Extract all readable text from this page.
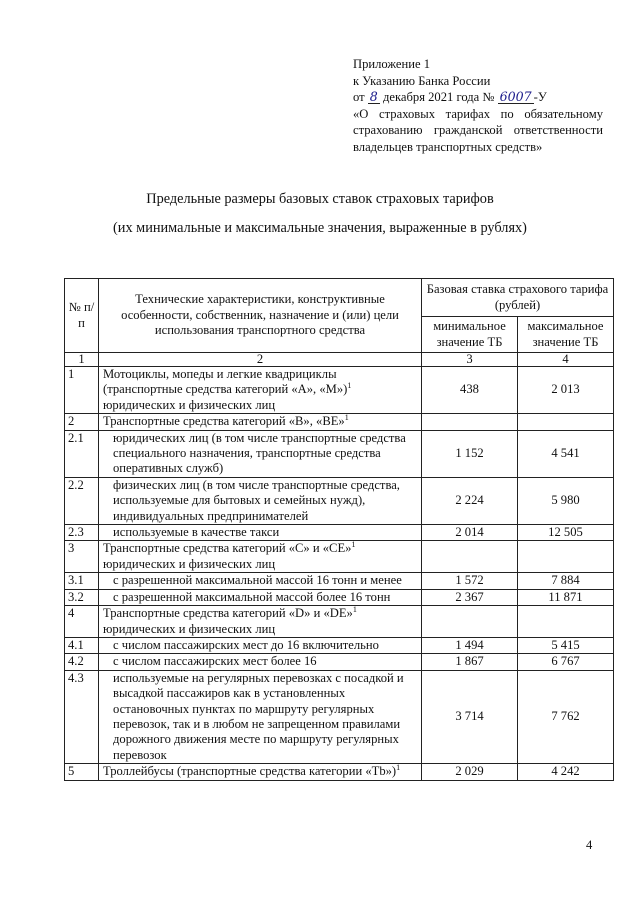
Приложение 1
к Указанию Банка России
от 8 декабря 2021 года № 6007 -У
«О страховых тарифах по обязательному
страхованию гражданской ответственности
владельцев транспортных средств»
Предельные размеры базовых ставок страховых тарифов
(их минимальные и максимальные значения, выраженные в рублях)
№ п/п	Технические характеристики, конструктивные особенности, собственник, назначение и (или) цели использования транспортного средства	Базовая ставка страхового тарифа (рублей)	
		минимальное значение ТБ	максимальное значение ТБ
1	2	3	4
1	Мотоциклы, мопеды и легкие квадрициклы (транспортные средства категорий «A», «M»)$^1$ юридических и физических лиц	438	2 013
2	Транспортные средства категорий «B», «BE»$^1$		
2.1	юридических лиц (в том числе транспортные средства специального назначения, транспортные средства оперативных служб)	1 152	4 541
2.2	физических лиц (в том числе транспортные средства, используемые для бытовых и семейных нужд), индивидуальных предпринимателей	2 224	5 980
2.3	используемые в качестве такси	2 014	12 505
3	Транспортные средства категорий «C» и «CE»$^1$ юридических и физических лиц		
3.1	с разрешенной максимальной массой 16 тонн и менее	1 572	7 884
3.2	с разрешенной максимальной массой более 16 тонн	2 367	11 871
4	Транспортные средства категорий «D» и «DE»$^1$ юридических и физических лиц		
4.1	с числом пассажирских мест до 16 включительно	1 494	5 415
4.2	с числом пассажирских мест более 16	1 867	6 767
4.3	используемые на регулярных перевозках с посадкой и высадкой пассажиров как в установленных остановочных пунктах по маршруту регулярных перевозок, так и в любом не запрещенном правилами дорожного движения месте по маршруту регулярных перевозок	3 714	7 762
5	Троллейбусы (транспортные средства категории «Tb»)$^1$	2 029	4 242
4
